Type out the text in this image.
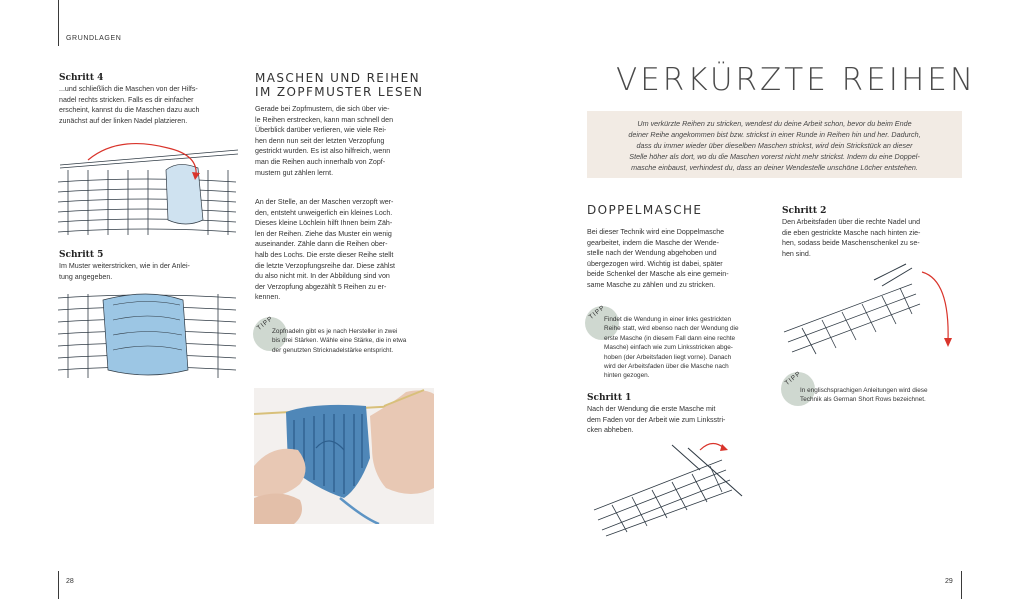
GRUNDLAGEN
Schritt 4
...und schließlich die Maschen von der Hilfs-
nadel rechts stricken. Falls es dir einfacher
erscheint, kannst du die Maschen dazu auch
zunächst auf der linken Nadel platzieren.
Schritt 5
Im Muster weiterstricken, wie in der Anlei-
tung angegeben.
MASCHEN UND REIHEN
IM ZOPFMUSTER LESEN
Gerade bei Zopfmustern, die sich über vie-
le Reihen erstrecken, kann man schnell den
Überblick darüber verlieren, wie viele Rei-
hen denn nun seit der letzten Verzopfung
gestrickt wurden. Es ist also hilfreich, wenn
man die Reihen auch innerhalb von Zopf-
mustern gut zählen lernt.
An der Stelle, an der Maschen verzopft wer-
den, entsteht unweigerlich ein kleines Loch.
Dieses kleine Löchlein hilft Ihnen beim Zäh-
len der Reihen. Ziehe das Muster ein wenig
auseinander. Zähle dann die Reihen ober-
halb des Lochs. Die erste dieser Reihe stellt
die letzte Verzopfungsreihe dar. Diese zählst
du also nicht mit. In der Abbildung sind von
der Verzopfung abgezählt 5 Reihen zu er-
kennen.
TIPP
Zopfnadeln gibt es je nach Hersteller in zwei
bis drei Stärken. Wähle eine Stärke, die in etwa
der genutzten Stricknadelstärke entspricht.
28
VERKÜRZTE REIHEN
Um verkürzte Reihen zu stricken, wendest du deine Arbeit schon, bevor du beim Ende
deiner Reihe angekommen bist bzw. strickst in einer Runde in Reihen hin und her. Dadurch,
dass du immer wieder über dieselben Maschen strickst, wird dein Strickstück an dieser
Stelle höher als dort, wo du die Maschen vorerst nicht mehr strickst. Indem du eine Doppel-
masche einbaust, verhindest du, dass an deiner Wendestelle unschöne Löcher entstehen.
DOPPELMASCHE
Bei dieser Technik wird eine Doppelmasche
gearbeitet, indem die Masche der Wende-
stelle nach der Wendung abgehoben und
übergezogen wird. Wichtig ist dabei, später
beide Schenkel der Masche als eine gemein-
same Masche zu zählen und zu stricken.
TIPP
Findet die Wendung in einer links gestrickten
Reihe statt, wird ebenso nach der Wendung die
erste Masche (in diesem Fall dann eine rechte
Masche) einfach wie zum Linksstricken abge-
hoben (der Arbeitsfaden liegt vorne). Danach
wird der Arbeitsfaden über die Masche nach
hinten gezogen.
Schritt 1
Nach der Wendung die erste Masche mit
dem Faden vor der Arbeit wie zum Linksstri-
cken abheben.
Schritt 2
Den Arbeitsfaden über die rechte Nadel und
die eben gestrickte Masche nach hinten zie-
hen, sodass beide Maschenschenkel zu se-
hen sind.
TIPP
In englischsprachigen Anleitungen wird diese
Technik als German Short Rows bezeichnet.
29
